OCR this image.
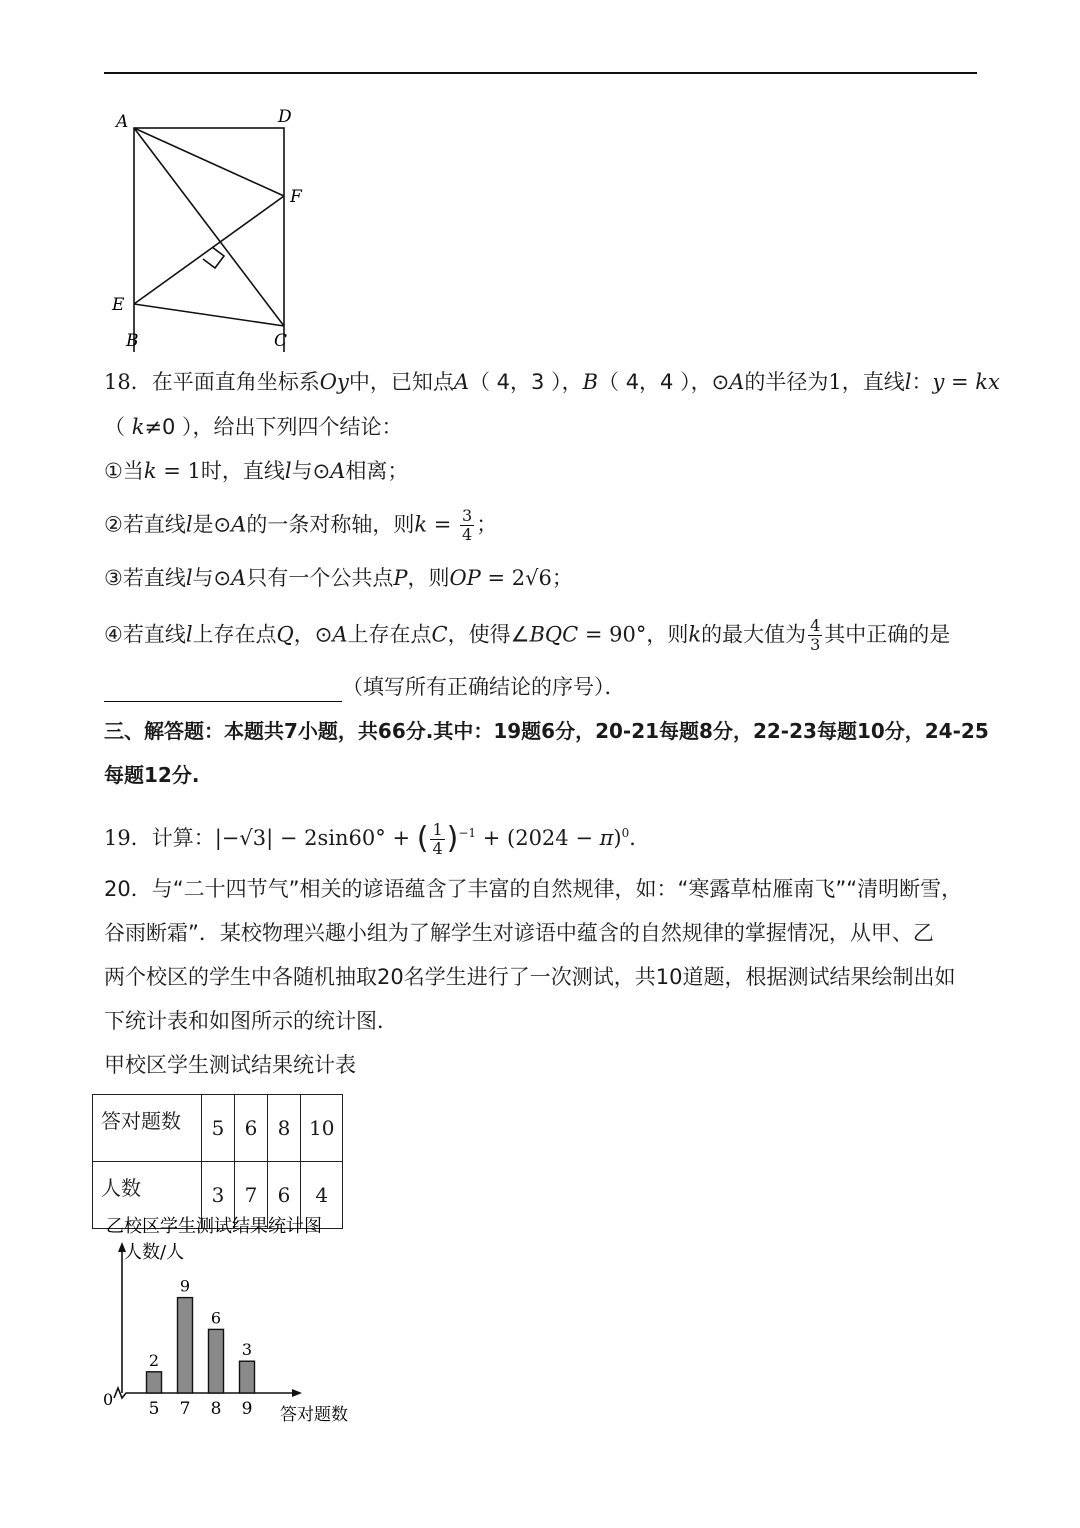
A	D
F
E
B	C
18．在平面直角坐标系Oy中，已知点A（ 4，3 ），B（ 4，4 ），⊙A的半径为1，直线l：y = kx
（ k≠0 ），给出下列四个结论：
①当k = 1时，直线l与⊙A相离；
②若直线l是⊙A的一条对称轴，则$k = \frac{3}{4}$ ；
③若直线l与⊙A只有一个公共点P，则OP = 2√6；
④若直线l上存在点Q，⊙A上存在点C，使得∠BQC = 90°，则k的最大值为 $\frac{4}{3}$ 其中正确的是
（填写所有正确结论的序号）．
三、解答题：本题共7小题，共66分.其中：19题6分，20-21每题8分，22-23每题10分，24-25
每题12分.
19．计算：|−√3| − 2sin60° + ( $\frac{1}{4} )^{-1} + (2024 - \pi)^0$．
20．与“二十四节气”相关的谚语蕴含了丰富的自然规律，如：“寒露草枯雁南飞”“清明断雪，
谷雨断霜”．某校物理兴趣小组为了解学生对谚语中蕴含的自然规律的掌握情况，从甲、乙
两个校区的学生中各随机抽取20名学生进行了一次测试，共10道题，根据测试结果绘制出如
下统计表和如图所示的统计图．
甲校区学生测试结果统计表
答对题数	5	6	8	10
人数	3	7	6	4
乙校区学生测试结果统计图
人数/人
答对题数
0
2
5
9
7
6
8
3
9
